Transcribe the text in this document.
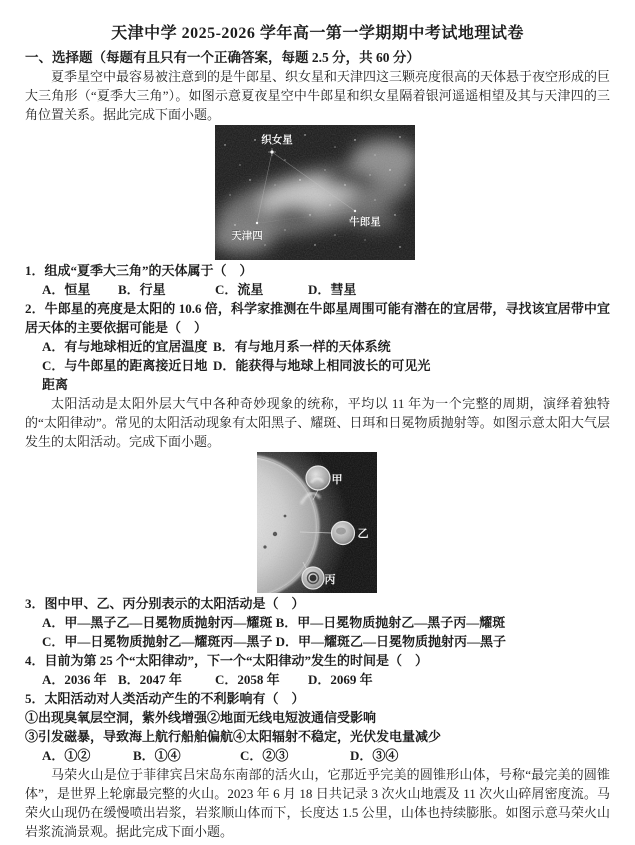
天津中学 2025-2026 学年高一第一学期期中考试地理试卷
一、选择题（每题有且只有一个正确答案，每题 2.5 分，共 60 分）
夏季星空中最容易被注意到的是牛郎星、织女星和天津四这三颗亮度很高的天体悬于夜空形成的巨大三角形（“夏季大三角”）。如图示意夏夜星空中牛郎星和织女星隔着银河遥遥相望及其与天津四的三角位置关系。据此完成下面小题。
织女星
天津四
牛郎星
1．组成“夏季大三角”的天体属于（　）
A．恒星	B．行星	C．流星	D．彗星
2．牛郎星的亮度是太阳的 10.6 倍，科学家推测在牛郎星周围可能有潜在的宜居带，寻找该宜居带中宜居天体的主要依据可能是（　）
A．有与地球相近的宜居温度 B．有与地月系一样的天体系统
C．与牛郎星的距离接近日地距离
D．能获得与地球上相同波长的可见光
太阳活动是太阳外层大气中各种奇妙现象的统称，平均以 11 年为一个完整的周期，演绎着独特的“太阳律动”。常见的太阳活动现象有太阳黑子、耀斑、日珥和日冕物质抛射等。如图示意太阳大气层发生的太阳活动。完成下面小题。
甲
乙
丙
3．图中甲、乙、丙分别表示的太阳活动是（　）
A．甲—黑子乙—日冕物质抛射丙—耀斑 B．甲—日冕物质抛射乙—黑子丙—耀斑
C．甲—日冕物质抛射乙—耀斑丙—黑子 D．甲—耀斑乙—日冕物质抛射丙—黑子
4．目前为第 25 个“太阳律动”，下一个“太阳律动”发生的时间是（　）
A．2036 年 B．2047 年	C．2058 年	D．2069 年
5．太阳活动对人类活动产生的不利影响有（　）
①出现臭氧层空洞，紫外线增强②地面无线电短波通信受影响
③引发磁暴，导致海上航行船舶偏航④太阳辐射不稳定，光伏发电量减少
A．①②	B．①④	C．②③	D．③④
马荣火山是位于菲律宾吕宋岛东南部的活火山，它那近乎完美的圆锥形山体，号称“最完美的圆锥体”，是世界上轮廓最完整的火山。2023 年 6 月 18 日共记录 3 次火山地震及 11 次火山碎屑密度流。马荣火山现仍在缓慢喷出岩浆，岩浆顺山体而下，长度达 1.5 公里，山体也持续膨胀。如图示意马荣火山岩浆流淌景观。据此完成下面小题。
